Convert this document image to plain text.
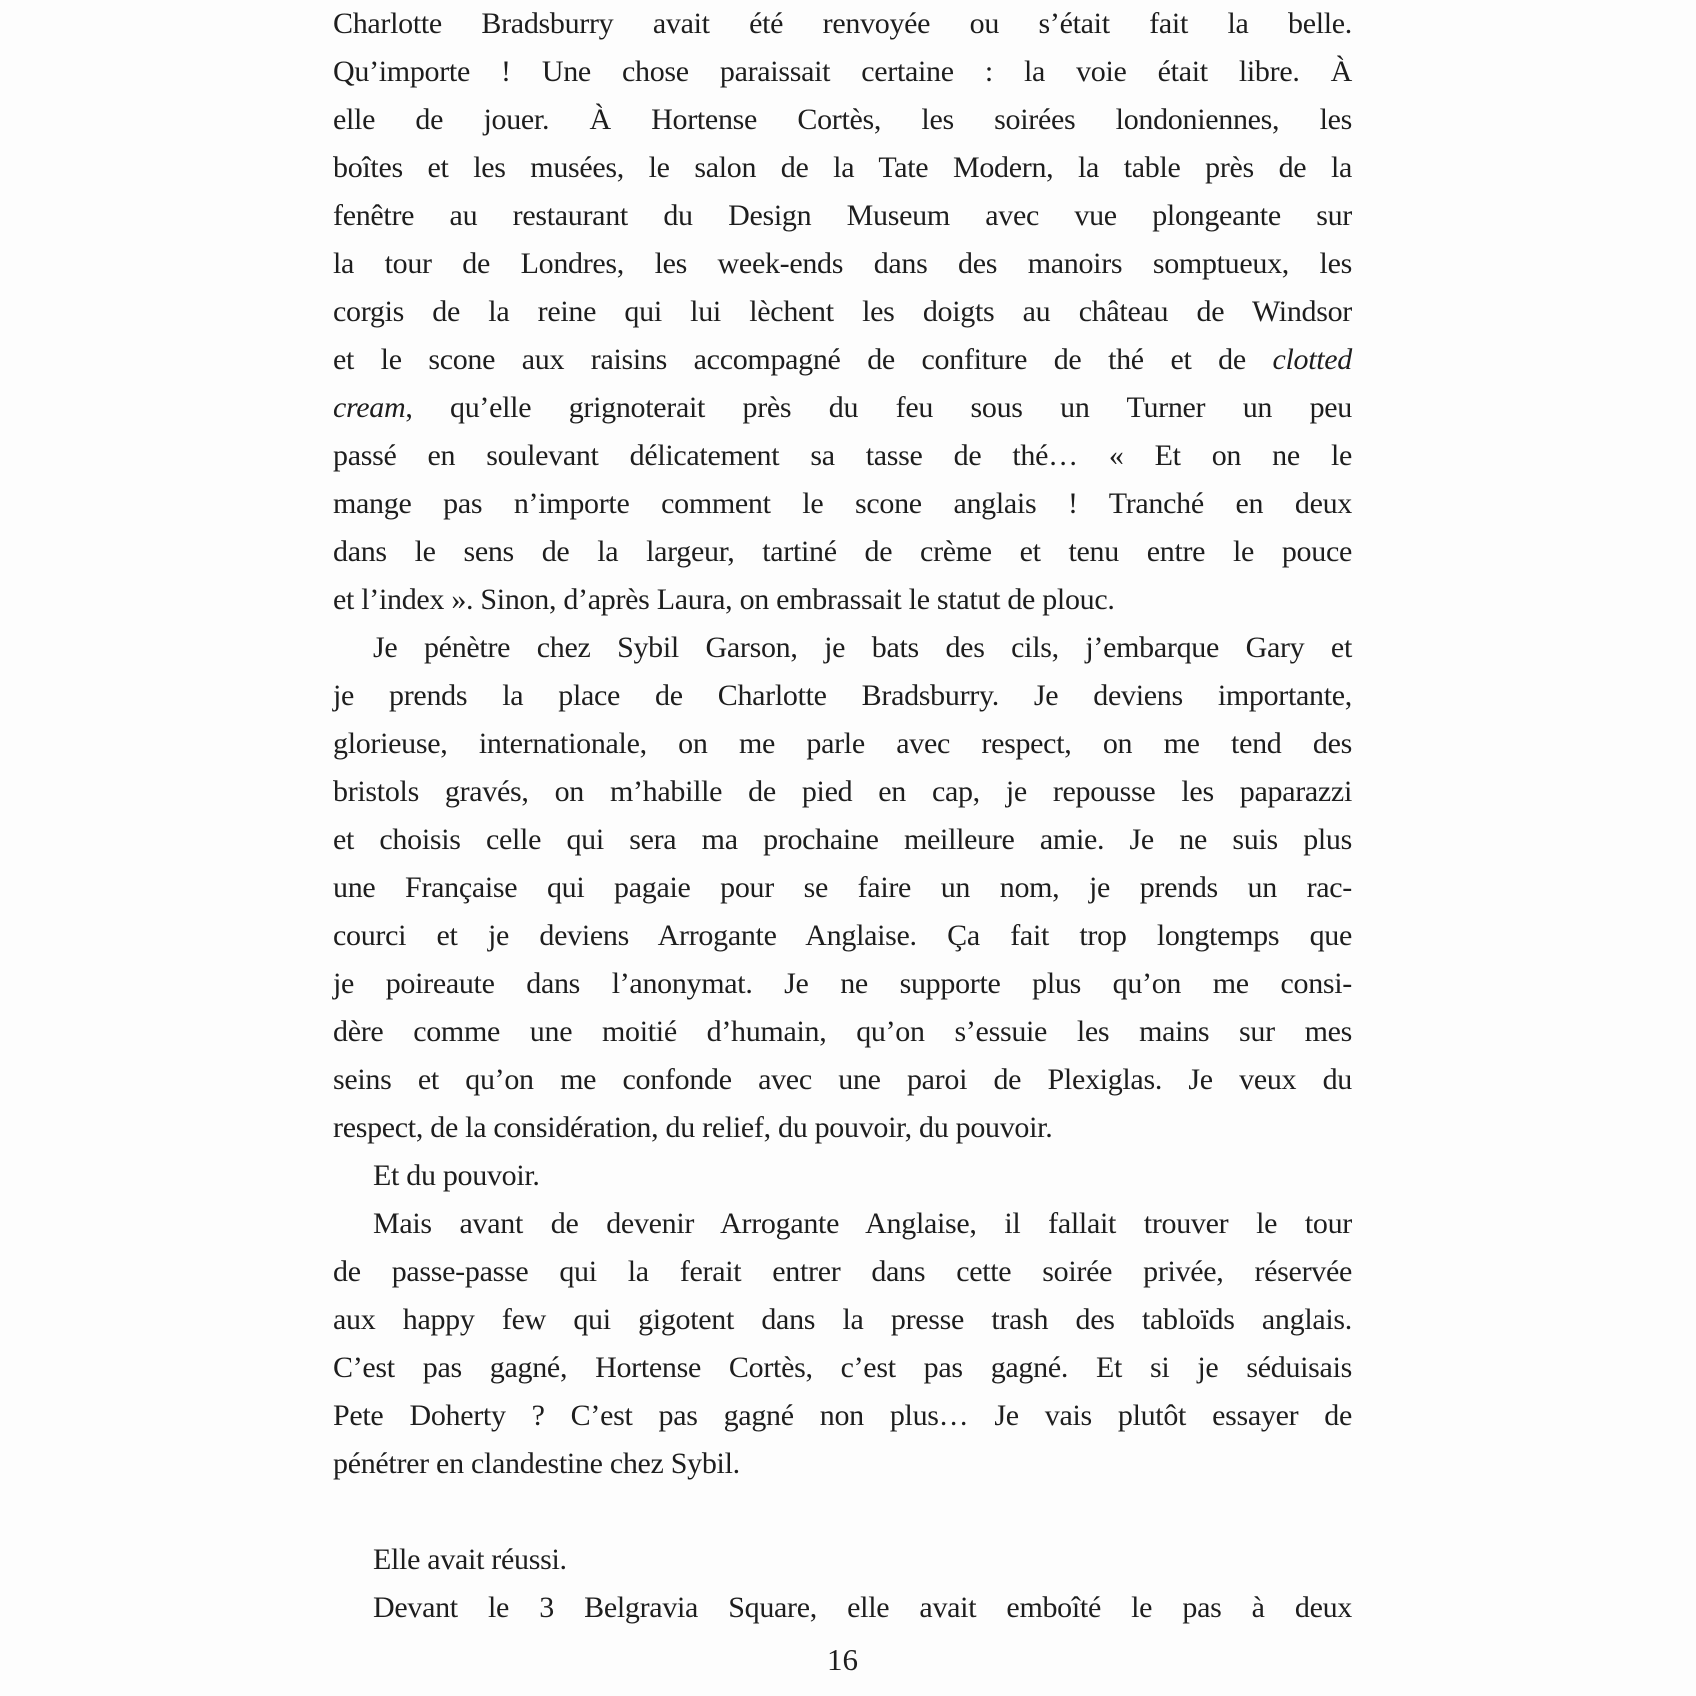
Charlotte Bradsburry avait été renvoyée ou s’était fait la belle.
Qu’importe ! Une chose paraissait certaine : la voie était libre. À
elle de jouer. À Hortense Cortès, les soirées londoniennes, les
boîtes et les musées, le salon de la Tate Modern, la table près de la
fenêtre au restaurant du Design Museum avec vue plongeante sur
la tour de Londres, les week-ends dans des manoirs somptueux, les
corgis de la reine qui lui lèchent les doigts au château de Windsor
et le scone aux raisins accompagné de confiture de thé et de clotted
cream, qu’elle grignoterait près du feu sous un Turner un peu
passé en soulevant délicatement sa tasse de thé… « Et on ne le
mange pas n’importe comment le scone anglais ! Tranché en deux
dans le sens de la largeur, tartiné de crème et tenu entre le pouce
et l’index ». Sinon, d’après Laura, on embrassait le statut de plouc.
Je pénètre chez Sybil Garson, je bats des cils, j’embarque Gary et
je prends la place de Charlotte Bradsburry. Je deviens importante,
glorieuse, internationale, on me parle avec respect, on me tend des
bristols gravés, on m’habille de pied en cap, je repousse les paparazzi
et choisis celle qui sera ma prochaine meilleure amie. Je ne suis plus
une Française qui pagaie pour se faire un nom, je prends un rac-
courci et je deviens Arrogante Anglaise. Ça fait trop longtemps que
je poireaute dans l’anonymat. Je ne supporte plus qu’on me consi-
dère comme une moitié d’humain, qu’on s’essuie les mains sur mes
seins et qu’on me confonde avec une paroi de Plexiglas. Je veux du
respect, de la considération, du relief, du pouvoir, du pouvoir.
Et du pouvoir.
Mais avant de devenir Arrogante Anglaise, il fallait trouver le tour
de passe-passe qui la ferait entrer dans cette soirée privée, réservée
aux happy few qui gigotent dans la presse trash des tabloïds anglais.
C’est pas gagné, Hortense Cortès, c’est pas gagné. Et si je séduisais
Pete Doherty ? C’est pas gagné non plus… Je vais plutôt essayer de
pénétrer en clandestine chez Sybil.
Elle avait réussi.
Devant le 3 Belgravia Square, elle avait emboîté le pas à deux
16
